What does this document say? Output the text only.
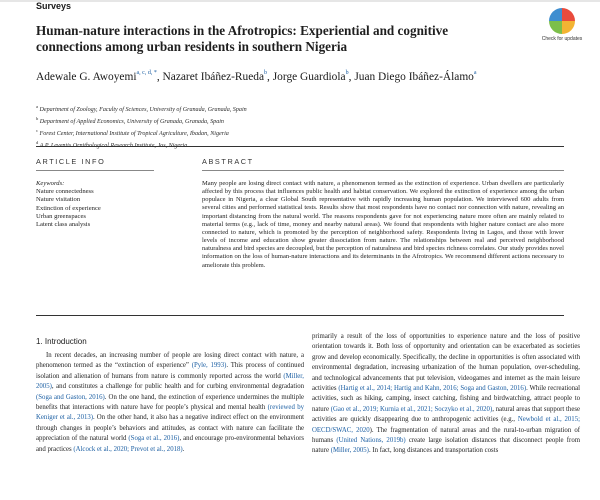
Surveys
Check for updates
Human-nature interactions in the Afrotropics: Experiential and cognitive connections among urban residents in southern Nigeria
Adewale G. Awoyemi$^{a, c, d, *}$, Nazaret Ibáñez-Rueda$^b$, Jorge Guardiola$^b$, Juan Diego Ibáñez-Álamo$^a$
$^a$ Department of Zoology, Faculty of Sciences, University of Granada, Granada, Spain
$^b$ Department of Applied Economics, University of Granada, Granada, Spain
$^c$ Forest Center, International Institute of Tropical Agriculture, Ibadan, Nigeria
$^d$
ARTICLE INFO	ABSTRACT
Keywords:
Nature connectedness
Nature visitation
Extinction of experience
Urban greenspaces
Latent class analysis
Many people are losing direct contact with nature, a phenomenon termed as the extinction of experience. Urban dwellers are particularly affected by this process that influences public health and habitat conservation. We explored the extinction of experience among the urban populace in Nigeria, a clear Global South representative with rapidly increasing human population. We interviewed 600 adults from several cities and performed statistical tests. Results show that most respondents have no contact nor connection with nature, revealing an important distancing from the natural world. The reasons respondents gave for not experiencing nature more often are mainly related to material terms (e.g., lack of time, money and nearby natural areas). We found that respondents with higher nature contact are also more connected to nature, which is promoted by the perception of neighborhood safety. Respondents living in Lagos, and those with lower levels of income and education show greater dissociation from nature. The relationships between real and perceived neighborhood naturalness and bird species are decoupled, but the perception of naturalness and bird species richness correlates. Our study provides novel information on the loss of human-nature interactions and its determinants in the Afrotropics. We recommend different actions necessary to ameliorate this problem.
1. Introduction
In recent decades, an increasing number of people are losing direct contact with nature, a phenomenon termed as the “extinction of experience” (Pyle, 1993). This process of continued isolation and alienation of humans from nature is commonly reported across the world (Miller, 2005), and constitutes a challenge for public health and for curbing environmental degradation (Soga and Gaston, 2016). On the one hand, the extinction of experience undermines the multiple benefits that interactions with nature have for people’s physical and mental health (reviewed by Keniger et al., 2013). On the other hand, it also has a negative indirect effect on the environment through changes in people’s behaviors and attitudes, as contact with nature can facilitate the appreciation of the natural world (Soga et al., 2016), and encourage pro-environmental behaviors and practices (Alcock et al., 2020; Prevot et al., 2018).
primarily a result of the loss of opportunities to experience nature and the loss of positive orientation towards it. Both loss of opportunity and orientation can be exacerbated as societies grow and develop economically. Specifically, the decline in opportunities is often associated with environmental degradation, increasing urbanization of the human population, over-scheduling, and technological advancements that put television, videogames and internet as the main leisure activities (Hartig et al., 2014; Hartig and Kahn, 2016; Soga and Gaston, 2016). While recreational activities, such as hiking, camping, insect catching, fishing and birdwatching, attract people to nature (Gao et al., 2019; Kurnia et al., 2021; Soczyko et al., 2020), natural areas that support these activities are quickly disappearing due to anthropogenic activities (e.g., Newbold et al., 2015; OECD/SWAC, 2020). The fragmentation of natural areas and the rural-to-urban migration of humans (United Nations, 2019b) create large isolation distances that disconnect people from nature (Miller, 2005). In fact, long distances and transportation costs
